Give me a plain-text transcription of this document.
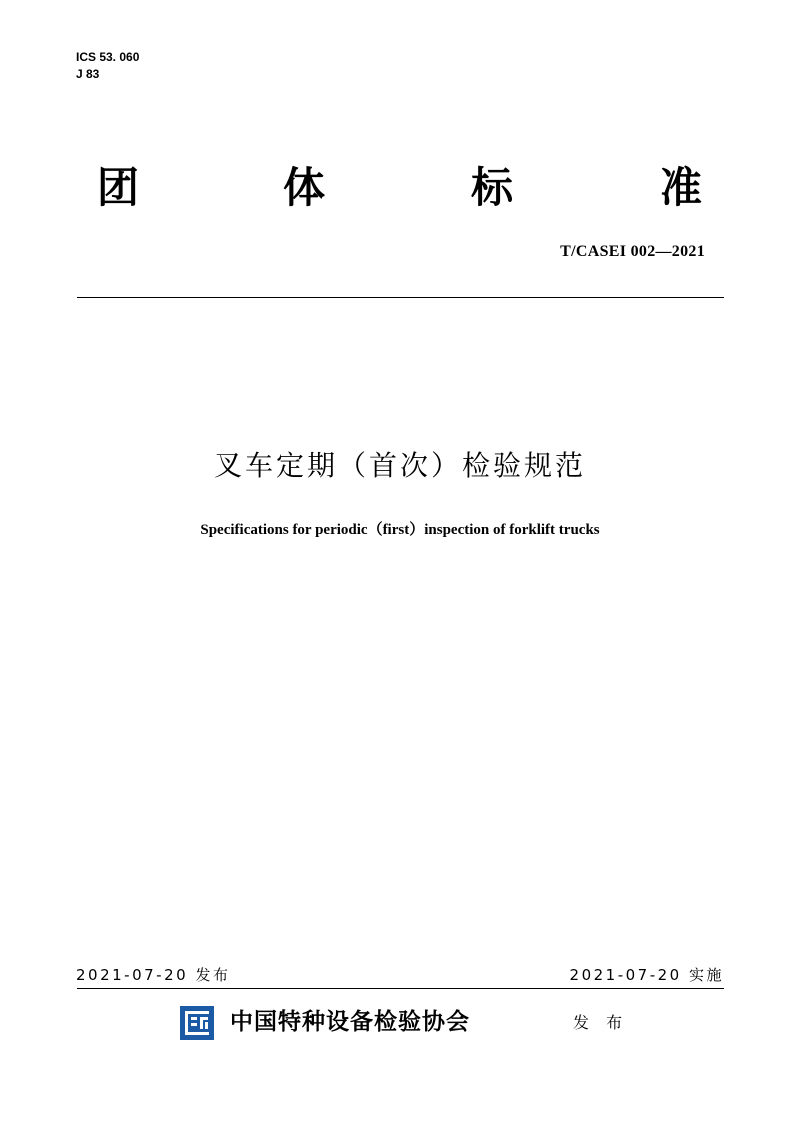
ICS 53. 060
J 83
团	体	标	准
T/CASEI 002—2021
叉车定期（首次）检验规范
Specifications for periodic（first）inspection of forklift trucks
2021-07-20 发布	2021-07-20 实施
中国特种设备检验协会	发 布
